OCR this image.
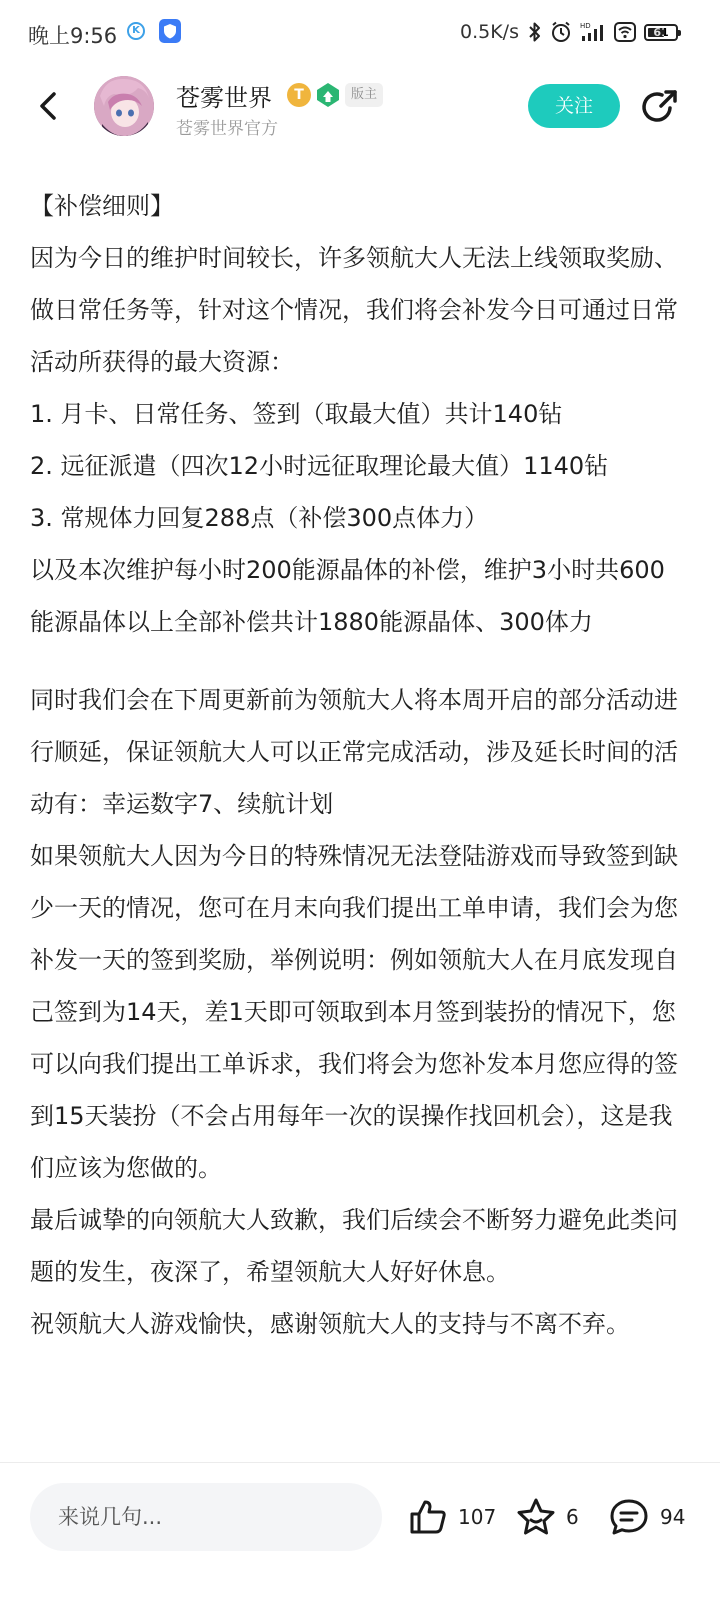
晚上9:56	K	0.5K/s	HD	61
苍雾世界	T	版主
苍雾世界官方
关注

【补偿细则】

因为今日的维护时间较长，许多领航大人无法上线领取奖励、做日常任务等，针对这个情况，我们将会补发今日可通过日常活动所获得的最大资源：

1. 月卡、日常任务、签到（取最大值）共计140钻

2. 远征派遣（四次12小时远征取理论最大值）1140钻

3. 常规体力回复288点（补偿300点体力）

以及本次维护每小时200能源晶体的补偿，维护3小时共600能源晶体以上全部补偿共计1880能源晶体、300体力

同时我们会在下周更新前为领航大人将本周开启的部分活动进行顺延，保证领航大人可以正常完成活动，涉及延长时间的活动有：幸运数字7、续航计划

如果领航大人因为今日的特殊情况无法登陆游戏而导致签到缺少一天的情况，您可在月末向我们提出工单申请，我们会为您补发一天的签到奖励，举例说明：例如领航大人在月底发现自己签到为14天，差1天即可领取到本月签到装扮的情况下，您可以向我们提出工单诉求，我们将会为您补发本月您应得的签到15天装扮（不会占用每年一次的误操作找回机会），这是我们应该为您做的。

最后诚挚的向领航大人致歉，我们后续会不断努力避免此类问题的发生，夜深了，希望领航大人好好休息。

祝领航大人游戏愉快，感谢领航大人的支持与不离不弃。

来说几句...	107	6	94
